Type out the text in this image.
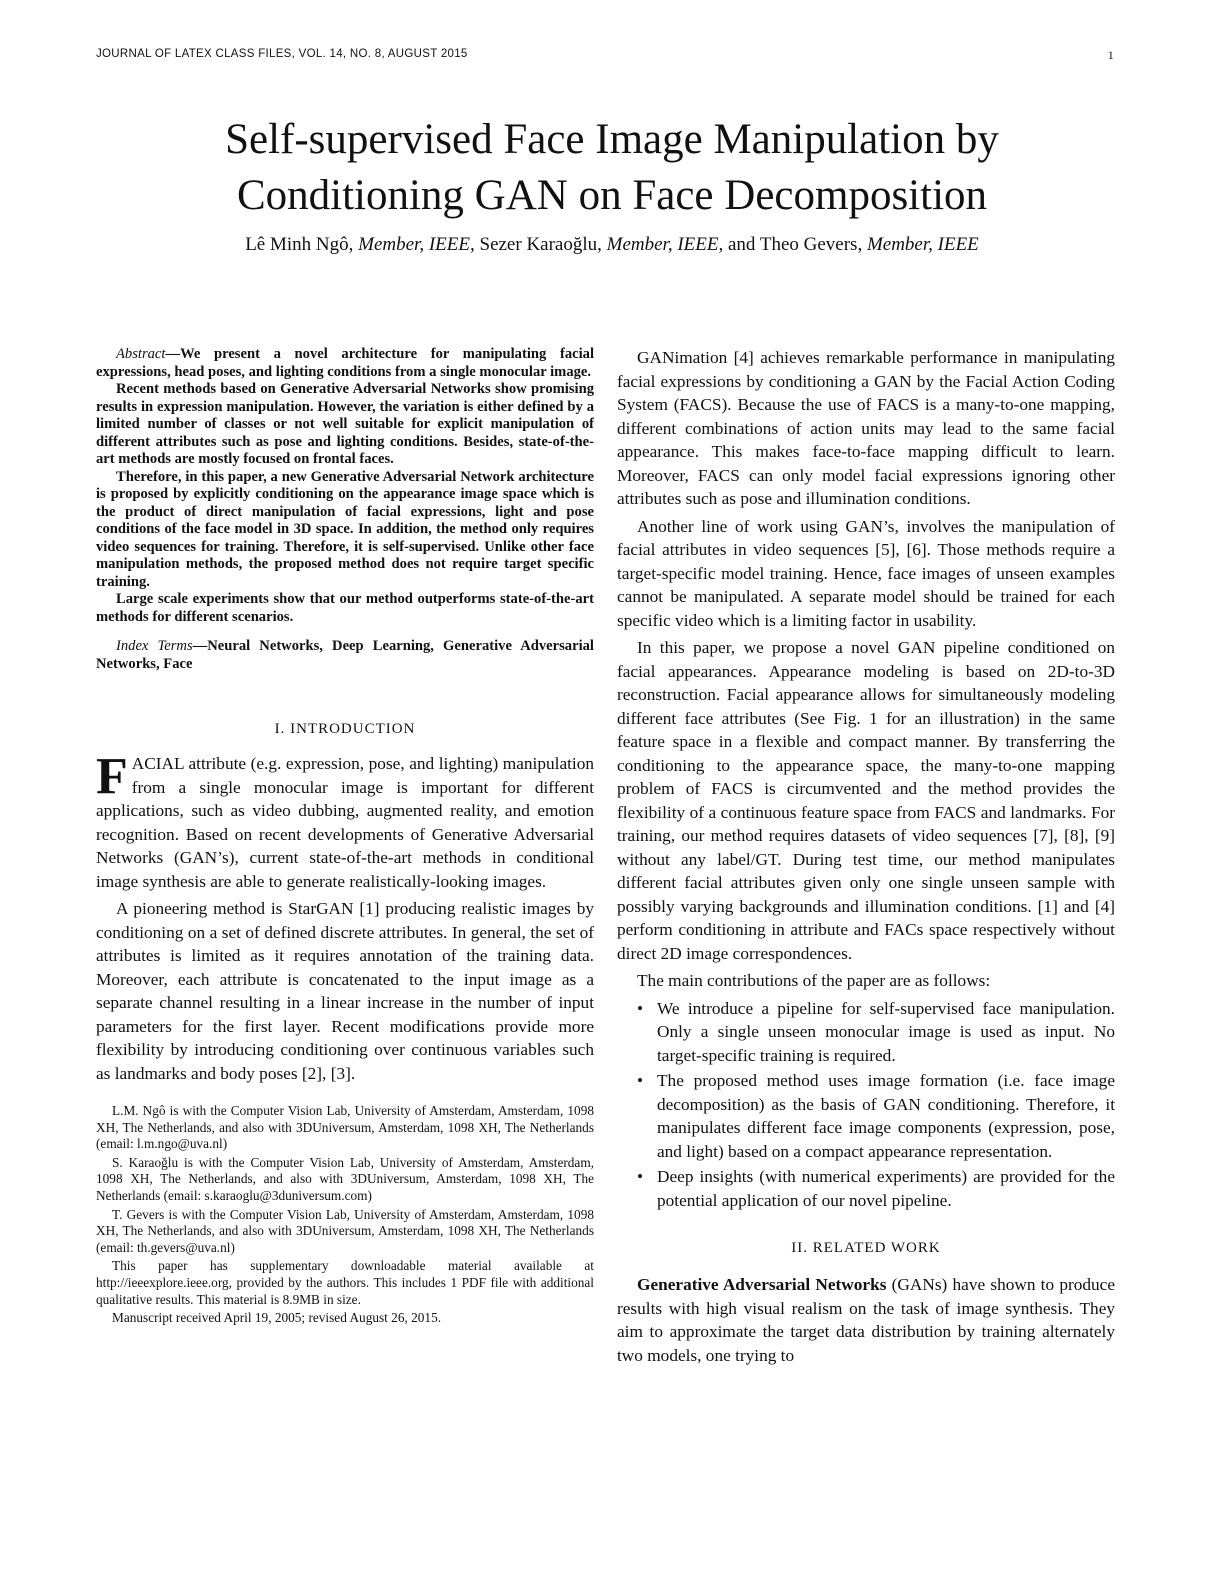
JOURNAL OF LATEX CLASS FILES, VOL. 14, NO. 8, AUGUST 2015	1
Self-supervised Face Image Manipulation by
Conditioning GAN on Face Decomposition
Lê Minh Ngô, Member, IEEE, Sezer Karaoğlu, Member, IEEE, and Theo Gevers, Member, IEEE

Abstract—We present a novel architecture for manipulating facial expressions, head poses, and lighting conditions from a single monocular image.

Recent methods based on Generative Adversarial Networks show promising results in expression manipulation. However, the variation is either defined by a limited number of classes or not well suitable for explicit manipulation of different attributes such as pose and lighting conditions. Besides, state-of-the-art methods are mostly focused on frontal faces.

Therefore, in this paper, a new Generative Adversarial Network architecture is proposed by explicitly conditioning on the appearance image space which is the product of direct manipulation of facial expressions, light and pose conditions of the face model in 3D space. In addition, the method only requires video sequences for training. Therefore, it is self-supervised. Unlike other face manipulation methods, the proposed method does not require target specific training.

Large scale experiments show that our method outperforms state-of-the-art methods for different scenarios.

Index Terms—Neural Networks, Deep Learning, Generative Adversarial Networks, Face

I. INTRODUCTION

FACIAL attribute (e.g. expression, pose, and lighting) manipulation from a single monocular image is important for different applications, such as video dubbing, augmented reality, and emotion recognition. Based on recent developments of Generative Adversarial Networks (GAN’s), current state-of-the-art methods in conditional image synthesis are able to generate realistically-looking images.

A pioneering method is StarGAN [1] producing realistic images by conditioning on a set of defined discrete attributes. In general, the set of attributes is limited as it requires annotation of the training data. Moreover, each attribute is concatenated to the input image as a separate channel resulting in a linear increase in the number of input parameters for the first layer. Recent modifications provide more flexibility by introducing conditioning over continuous variables such as landmarks and body poses [2], [3].

L.M. Ngô is with the Computer Vision Lab, University of Amsterdam, Amsterdam, 1098 XH, The Netherlands, and also with 3DUniversum, Amsterdam, 1098 XH, The Netherlands (email: l.m.ngo@uva.nl)

S. Karaoğlu is with the Computer Vision Lab, University of Amsterdam, Amsterdam, 1098 XH, The Netherlands, and also with 3DUniversum, Amsterdam, 1098 XH, The Netherlands (email: s.karaoglu@3duniversum.com)

T. Gevers is with the Computer Vision Lab, University of Amsterdam, Amsterdam, 1098 XH, The Netherlands, and also with 3DUniversum, Amsterdam, 1098 XH, The Netherlands (email: th.gevers@uva.nl)

This paper has supplementary downloadable material available at http://ieeexplore.ieee.org, provided by the authors. This includes 1 PDF file with additional qualitative results. This material is 8.9MB in size.

Manuscript received April 19, 2005; revised August 26, 2015.

GANimation [4] achieves remarkable performance in manipulating facial expressions by conditioning a GAN by the Facial Action Coding System (FACS). Because the use of FACS is a many-to-one mapping, different combinations of action units may lead to the same facial appearance. This makes face-to-face mapping difficult to learn. Moreover, FACS can only model facial expressions ignoring other attributes such as pose and illumination conditions.

Another line of work using GAN’s, involves the manipulation of facial attributes in video sequences [5], [6]. Those methods require a target-specific model training. Hence, face images of unseen examples cannot be manipulated. A separate model should be trained for each specific video which is a limiting factor in usability.

In this paper, we propose a novel GAN pipeline conditioned on facial appearances. Appearance modeling is based on 2D-to-3D reconstruction. Facial appearance allows for simultaneously modeling different face attributes (See Fig. 1 for an illustration) in the same feature space in a flexible and compact manner. By transferring the conditioning to the appearance space, the many-to-one mapping problem of FACS is circumvented and the method provides the flexibility of a continuous feature space from FACS and landmarks. For training, our method requires datasets of video sequences [7], [8], [9] without any label/GT. During test time, our method manipulates different facial attributes given only one single unseen sample with possibly varying backgrounds and illumination conditions. [1] and [4] perform conditioning in attribute and FACs space respectively without direct 2D image correspondences.

The main contributions of the paper are as follows:

• We introduce a pipeline for self-supervised face manipulation. Only a single unseen monocular image is used as input. No target-specific training is required.
• The proposed method uses image formation (i.e. face image decomposition) as the basis of GAN conditioning. Therefore, it manipulates different face image components (expression, pose, and light) based on a compact appearance representation.
• Deep insights (with numerical experiments) are provided for the potential application of our novel pipeline.
II. RELATED WORK

Generative Adversarial Networks (GANs) have shown to produce results with high visual realism on the task of image synthesis. They aim to approximate the target data distribution by training alternately two models, one trying to
